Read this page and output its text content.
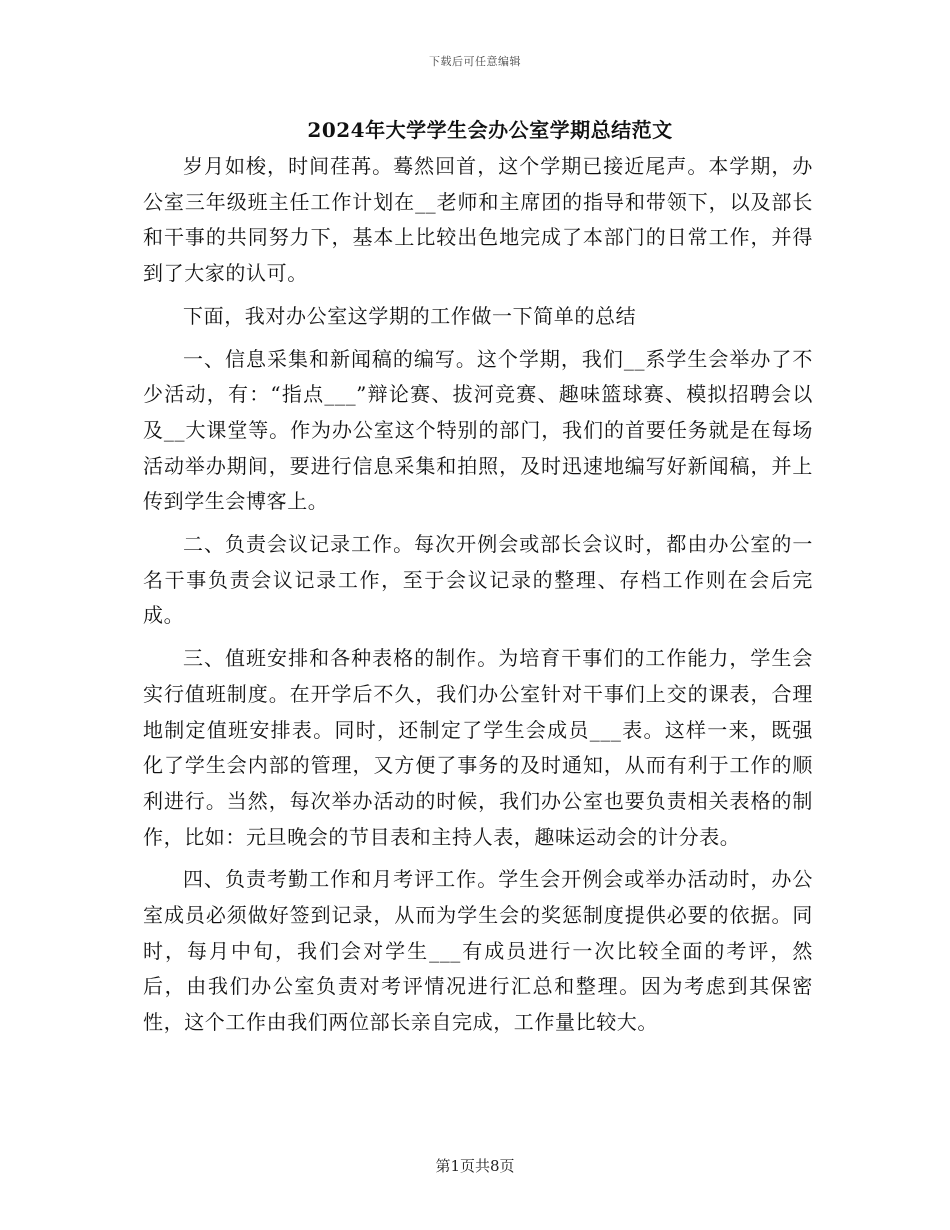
下载后可任意编辑
2024年大学学生会办公室学期总结范文

岁月如梭，时间荏苒。蓦然回首，这个学期已接近尾声。本学期，办公室三年级班主任工作计划在__老师和主席团的指导和带领下，以及部长和干事的共同努力下，基本上比较出色地完成了本部门的日常工作，并得到了大家的认可。

下面，我对办公室这学期的工作做一下简单的总结

一、信息采集和新闻稿的编写。这个学期，我们__系学生会举办了不少活动，有：“指点___”辩论赛、拔河竞赛、趣味篮球赛、模拟招聘会以及__大课堂等。作为办公室这个特别的部门，我们的首要任务就是在每场活动举办期间，要进行信息采集和拍照，及时迅速地编写好新闻稿，并上传到学生会博客上。

二、负责会议记录工作。每次开例会或部长会议时，都由办公室的一名干事负责会议记录工作，至于会议记录的整理、存档工作则在会后完成。

三、值班安排和各种表格的制作。为培育干事们的工作能力，学生会实行值班制度。在开学后不久，我们办公室针对干事们上交的课表，合理地制定值班安排表。同时，还制定了学生会成员___表。这样一来，既强化了学生会内部的管理，又方便了事务的及时通知，从而有利于工作的顺利进行。当然，每次举办活动的时候，我们办公室也要负责相关表格的制作，比如：元旦晚会的节目表和主持人表，趣味运动会的计分表。

四、负责考勤工作和月考评工作。学生会开例会或举办活动时，办公室成员必须做好签到记录，从而为学生会的奖惩制度提供必要的依据。同时，每月中旬，我们会对学生___有成员进行一次比较全面的考评，然后，由我们办公室负责对考评情况进行汇总和整理。因为考虑到其保密性，这个工作由我们两位部长亲自完成，工作量比较大。

第1页共8页
